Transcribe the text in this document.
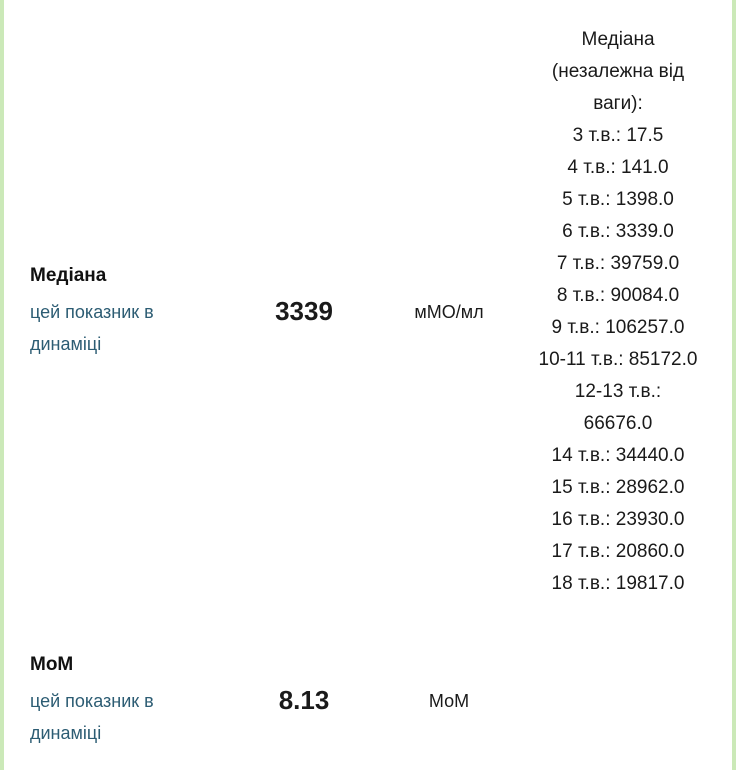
Медіана
цей показник в
динаміці
3339	мМО/мл
Медіана
(незалежна від
ваги):
3 т.в.: 17.5
4 т.в.: 141.0
5 т.в.: 1398.0
6 т.в.: 3339.0
7 т.в.: 39759.0
8 т.в.: 90084.0
9 т.в.: 106257.0
10-11 т.в.: 85172.0
12-13 т.в.:
66676.0
14 т.в.: 34440.0
15 т.в.: 28962.0
16 т.в.: 23930.0
17 т.в.: 20860.0
18 т.в.: 19817.0
МоМ
цей показник в
динаміці
8.13	МоМ
